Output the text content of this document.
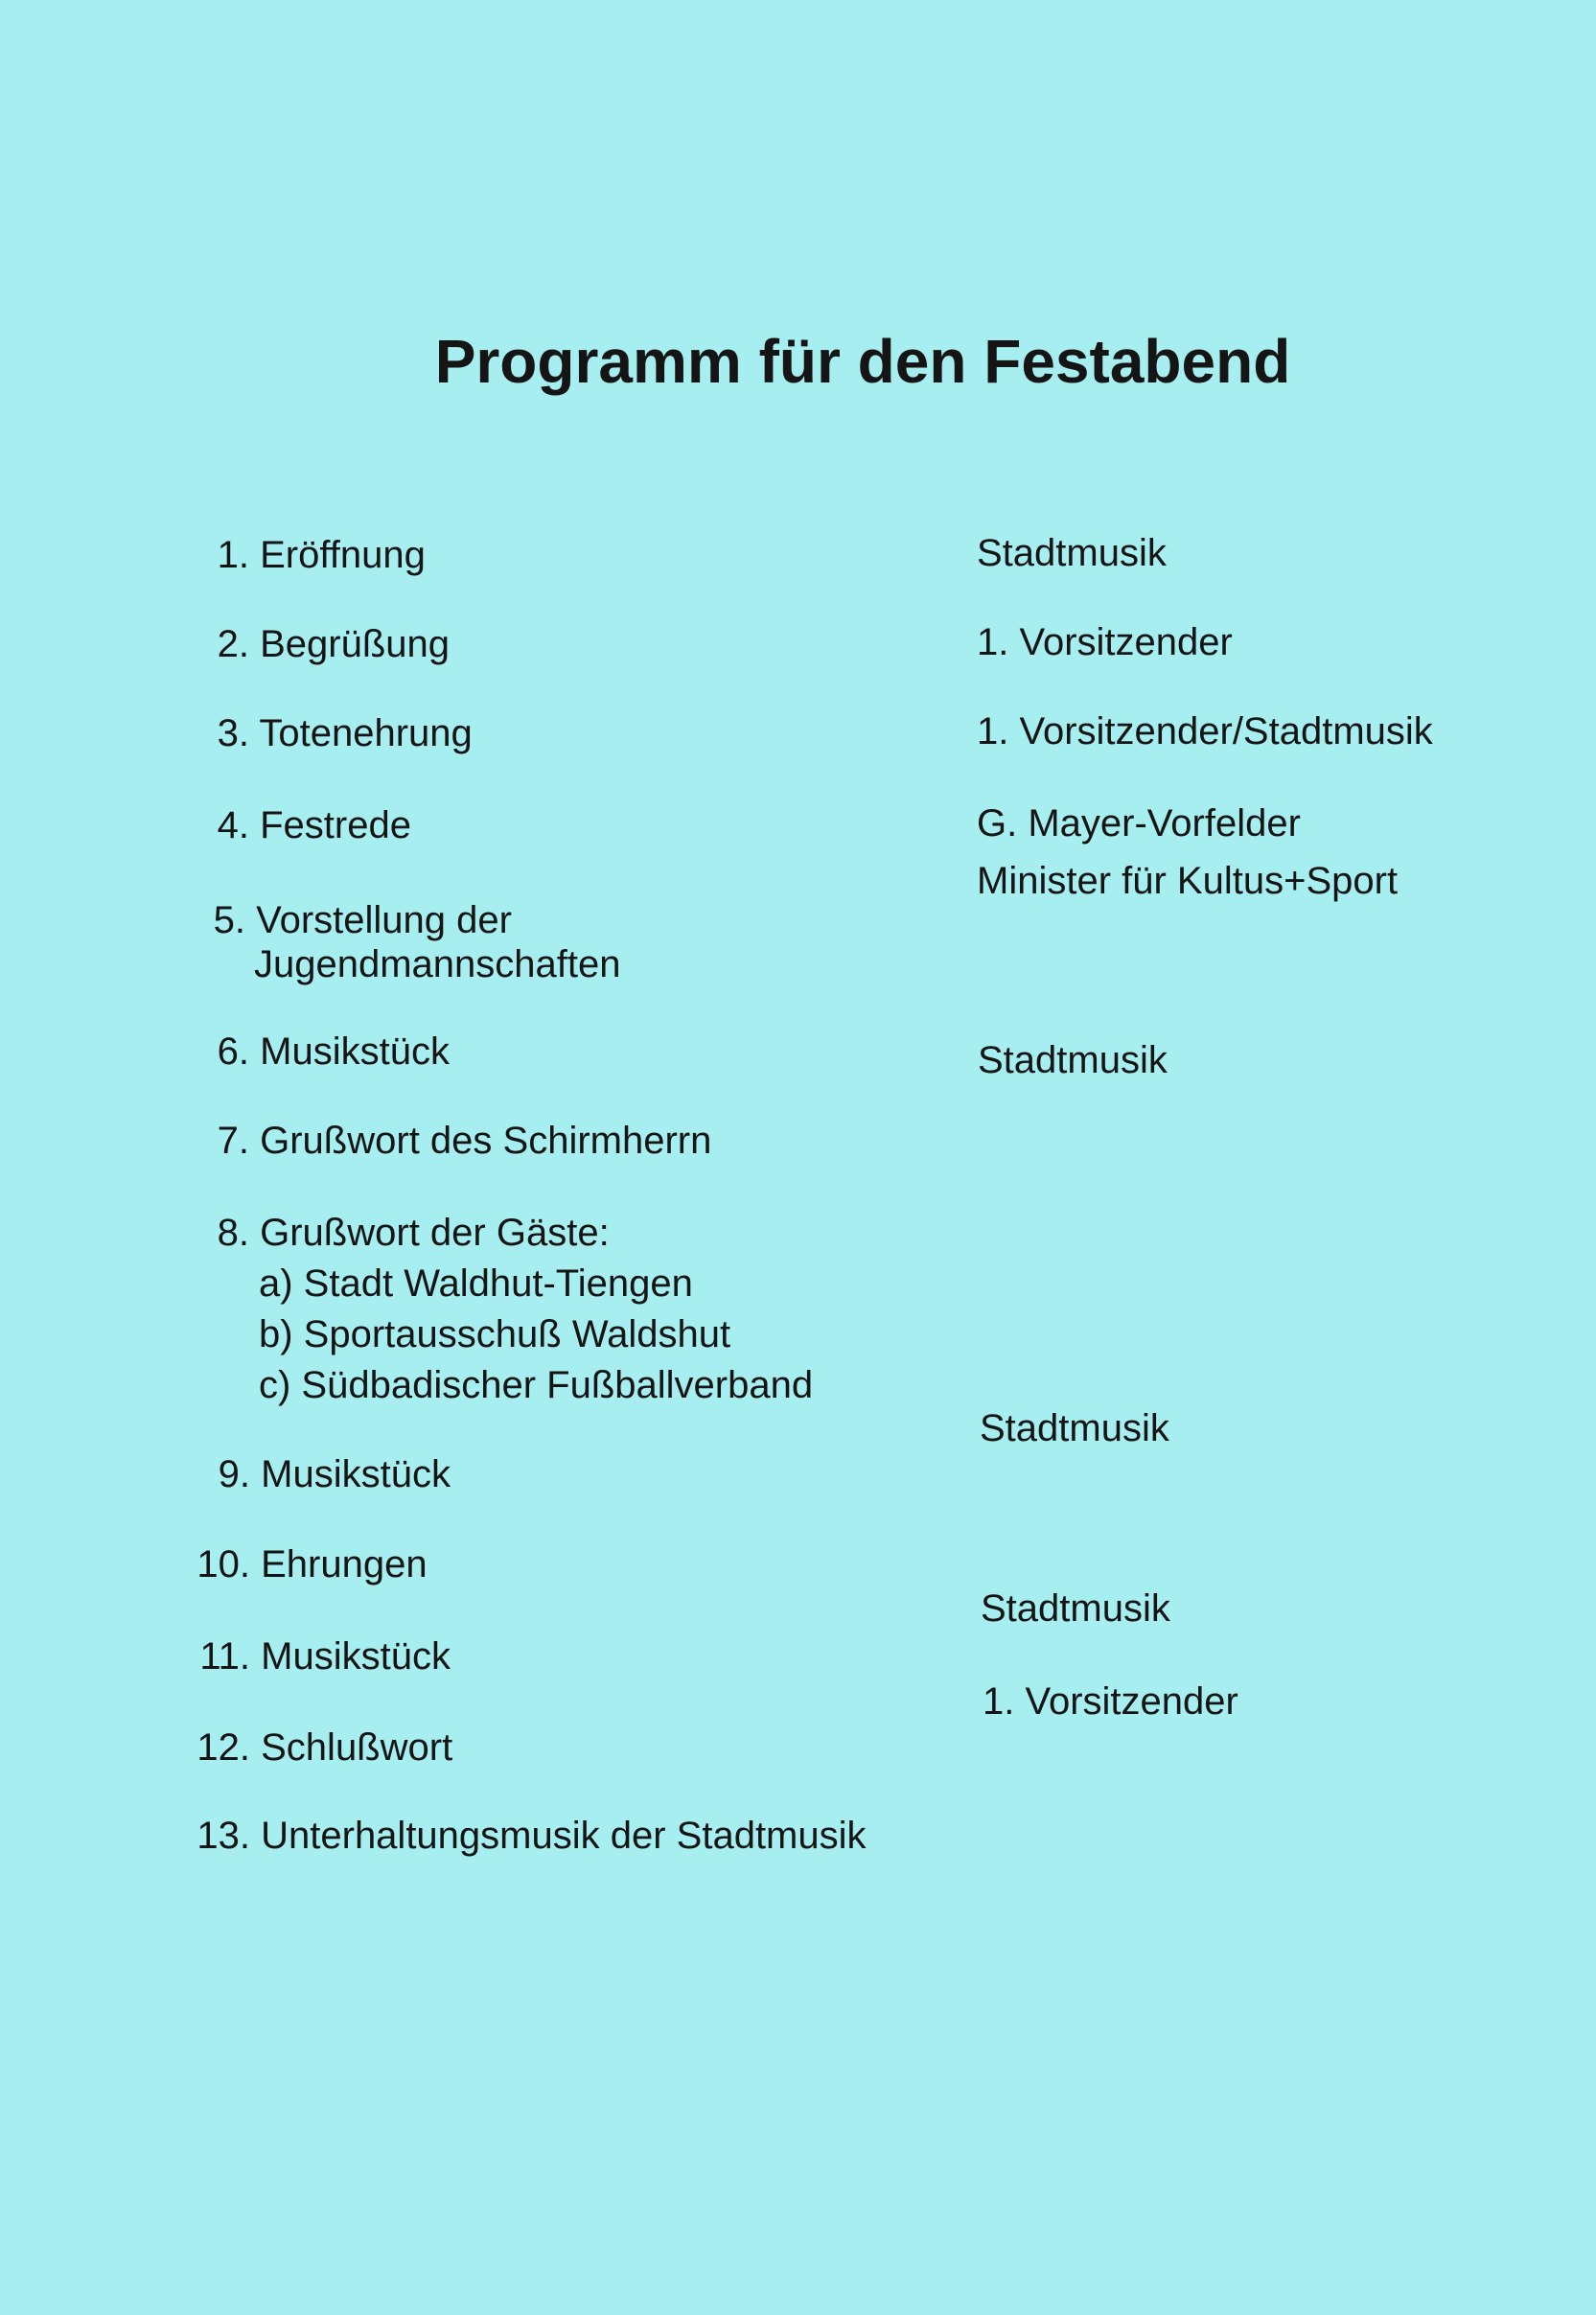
Programm für den Festabend
1. Eröffnung
2. Begrüßung
3. Totenehrung
4. Festrede
5. Vorstellung der
Jugendmannschaften
6. Musikstück
7. Grußwort des Schirmherrn
8. Grußwort der Gäste:
a) Stadt Waldhut-Tiengen
b) Sportausschuß Waldshut
c) Südbadischer Fußballverband
9. Musikstück
10. Ehrungen
11. Musikstück
12. Schlußwort
13. Unterhaltungsmusik der Stadtmusik
Stadtmusik
1. Vorsitzender
1. Vorsitzender/Stadtmusik
G. Mayer-Vorfelder
Minister für Kultus+Sport
Stadtmusik
Stadtmusik
Stadtmusik
1. Vorsitzender
